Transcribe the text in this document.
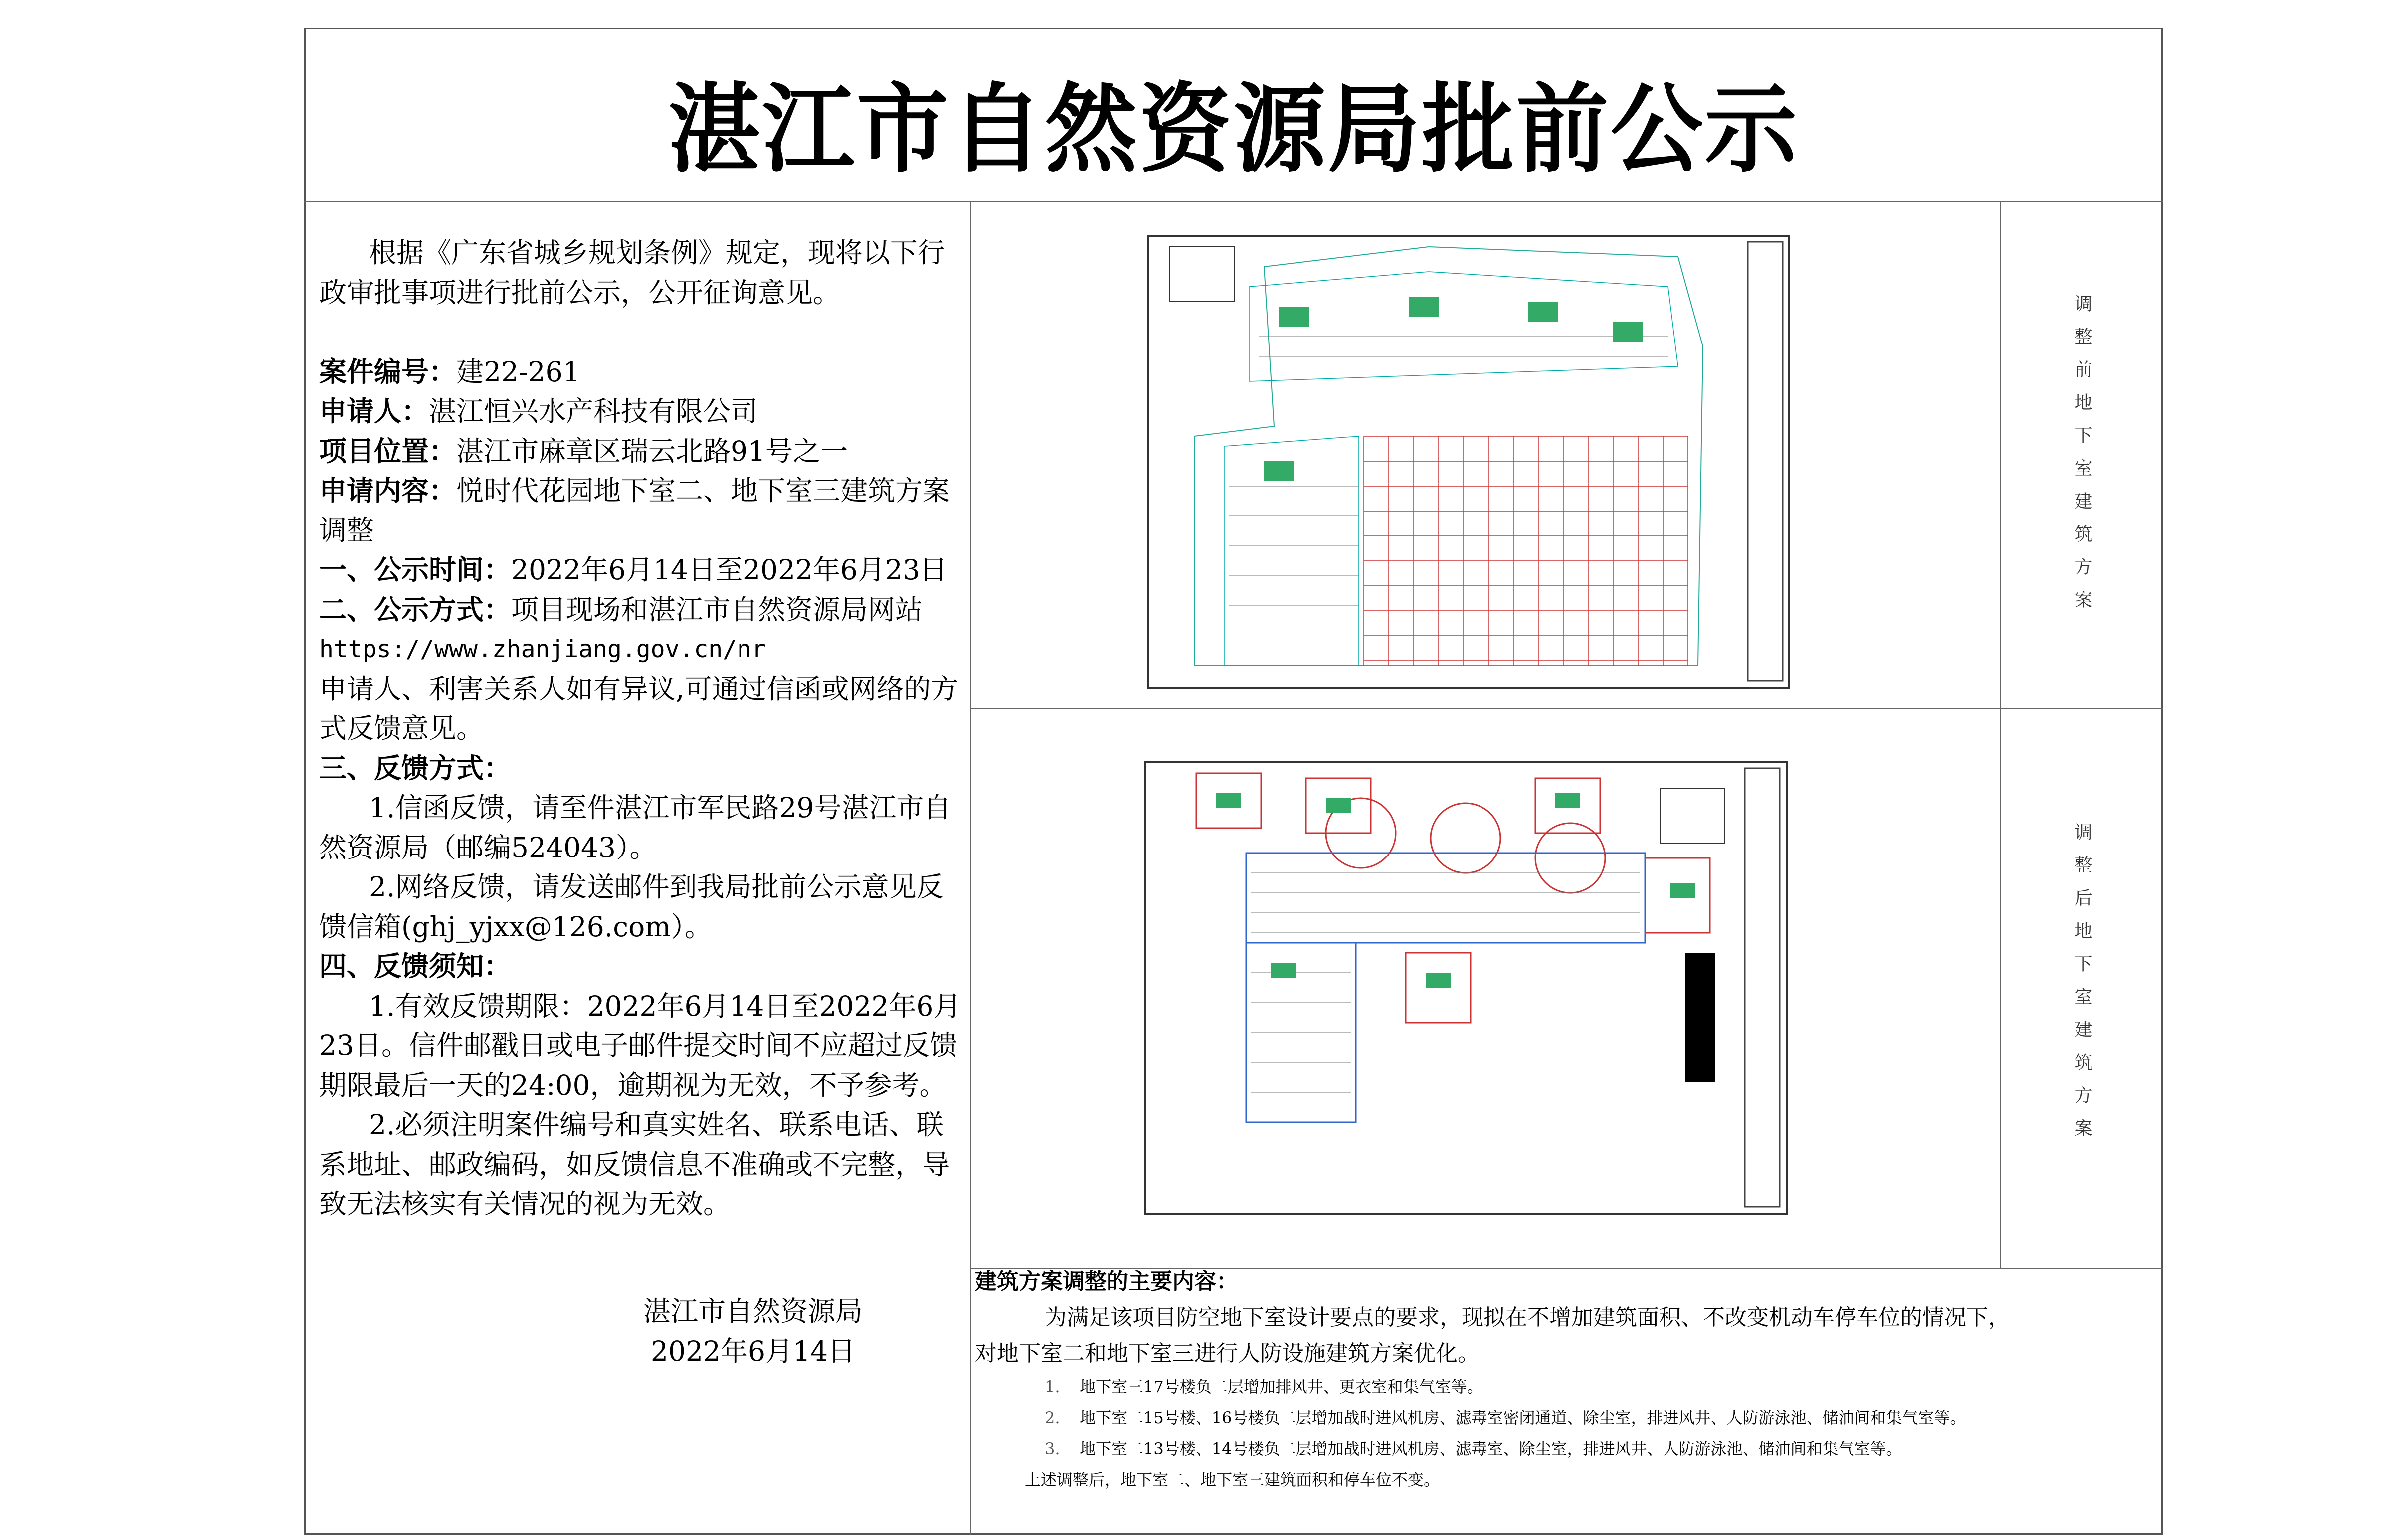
湛江市自然资源局批前公示

根据《广东省城乡规划条例》规定，现将以下行政审批事项进行批前公示，公开征询意见。

案件编号：建22-261

申请人：湛江恒兴水产科技有限公司

项目位置：湛江市麻章区瑞云北路91号之一

申请内容：悦时代花园地下室二、地下室三建筑方案调整

一、公示时间：2022年6月14日至2022年6月23日

二、公示方式：项目现场和湛江市自然资源局网站

https://www.zhanjiang.gov.cn/nr

申请人、利害关系人如有异议,可通过信函或网络的方式反馈意见。

三、反馈方式：

1.信函反馈，请至件湛江市军民路29号湛江市自然资源局（邮编524043）。

2.网络反馈，请发送邮件到我局批前公示意见反馈信箱(ghj_yjxx@126.com）。

四、反馈须知：

1.有效反馈期限：2022年6月14日至2022年6月23日。信件邮戳日或电子邮件提交时间不应超过反馈期限最后一天的24:00，逾期视为无效，不予参考。

2.必须注明案件编号和真实姓名、联系电话、联系地址、邮政编码，如反馈信息不准确或不完整，导致无法核实有关情况的视为无效。

湛江市自然资源局
2022年6月14日
调整前地下室建筑方案
调整后地下室建筑方案
建筑方案调整的主要内容：
为满足该项目防空地下室设计要点的要求，现拟在不增加建筑面积、不改变机动车停车位的情况下，对地下室二和地下室三进行人防设施建筑方案优化。
1. 地下室三17号楼负二层增加排风井、更衣室和集气室等。
2. 地下室二15号楼、16号楼负二层增加战时进风机房、滤毒室密闭通道、除尘室，排进风井、人防游泳池、储油间和集气室等。
3. 地下室二13号楼、14号楼负二层增加战时进风机房、滤毒室、除尘室，排进风井、人防游泳池、储油间和集气室等。
上述调整后，地下室二、地下室三建筑面积和停车位不变。
